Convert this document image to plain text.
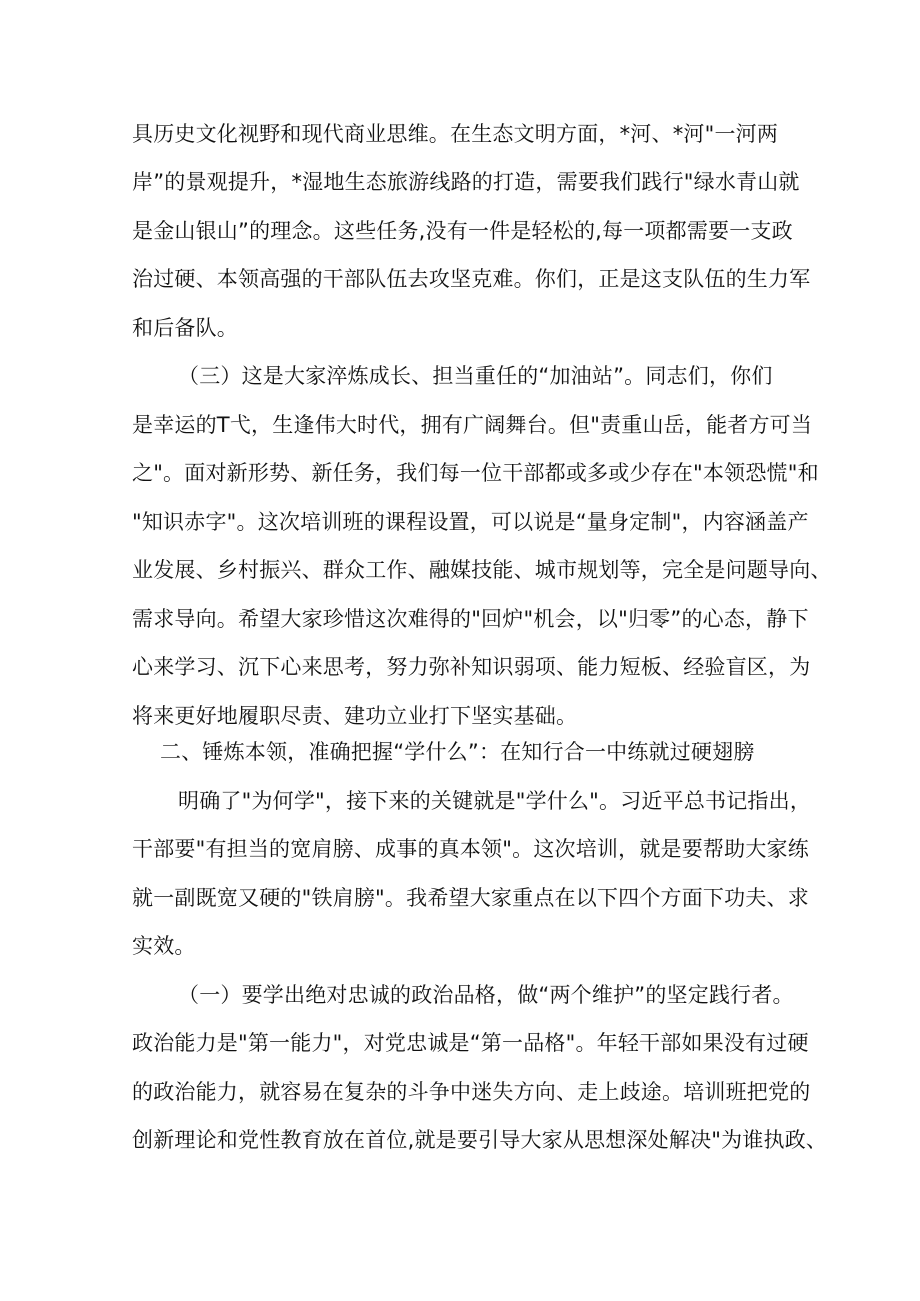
具历史文化视野和现代商业思维。在生态文明方面，*河、*河"一河两
岸”的景观提升，*湿地生态旅游线路的打造，需要我们践行"绿水青山就
是金山银山”的理念。这些任务,没有一件是轻松的,每一项都需要一支政
治过硬、本领高强的干部队伍去攻坚克难。你们，正是这支队伍的生力军
和后备队。
（三）这是大家淬炼成长、担当重任的“加油站”。同志们，你们
是幸运的T弋，生逢伟大时代，拥有广阔舞台。但"责重山岳，能者方可当
之"。面对新形势、新任务，我们每一位干部都或多或少存在"本领恐慌"和
"知识赤字"。这次培训班的课程设置，可以说是“量身定制"，内容涵盖产
业发展、乡村振兴、群众工作、融媒技能、城市规划等，完全是问题导向、
需求导向。希望大家珍惜这次难得的"回炉"机会，以"归零”的心态，静下
心来学习、沉下心来思考，努力弥补知识弱项、能力短板、经验盲区，为
将来更好地履职尽责、建功立业打下坚实基础。
二、锤炼本领，准确把握“学什么”：在知行合一中练就过硬翅膀
明确了"为何学"，接下来的关键就是"学什么"。习近平总书记指出，
干部要"有担当的宽肩膀、成事的真本领"。这次培训，就是要帮助大家练
就一副既宽又硬的"铁肩膀"。我希望大家重点在以下四个方面下功夫、求
实效。
（一）要学出绝对忠诚的政治品格，做“两个维护”的坚定践行者。
政治能力是"第一能力"，对党忠诚是“第一品格"。年轻干部如果没有过硬
的政治能力，就容易在复杂的斗争中迷失方向、走上歧途。培训班把党的
创新理论和党性教育放在首位,就是要引导大家从思想深处解决"为谁执政、
